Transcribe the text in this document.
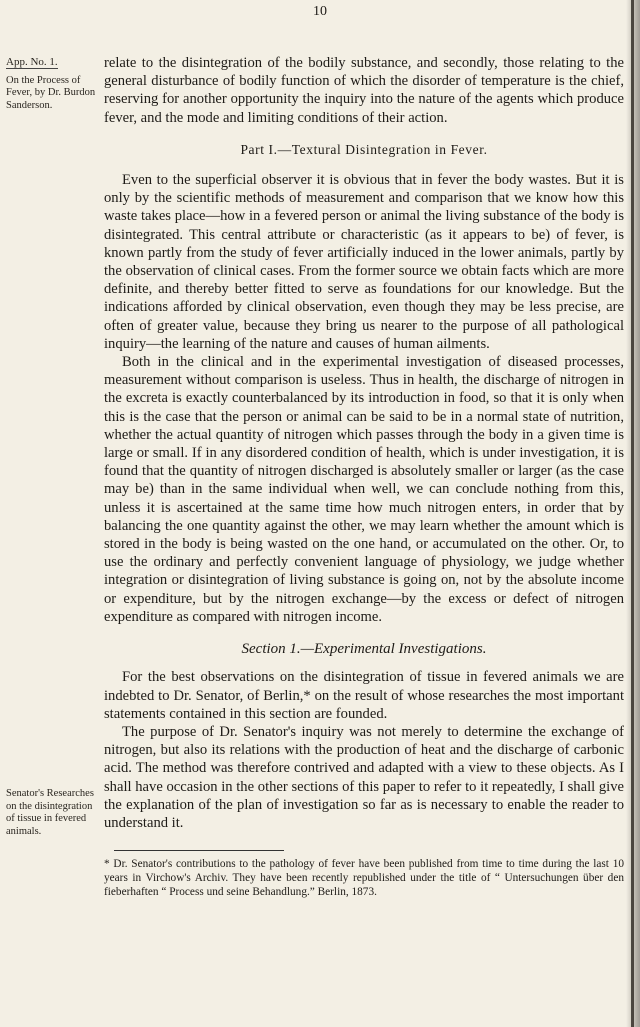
10
App. No. 1.
On the Process of Fever, by Dr. Burdon Sanderson.
Senator's Researches on the disintegration of tissue in fevered animals.

relate to the disintegration of the bodily substance, and secondly, those relating to the general disturbance of bodily function of which the disorder of temperature is the chief, reserving for another opportunity the inquiry into the nature of the agents which produce fever, and the mode and limiting conditions of their action.

Part I.—Textural Disintegration in Fever.

Even to the superficial observer it is obvious that in fever the body wastes. But it is only by the scientific methods of measurement and comparison that we know how this waste takes place—how in a fevered person or animal the living substance of the body is disintegrated. This central attribute or characteristic (as it appears to be) of fever, is known partly from the study of fever artificially induced in the lower animals, partly by the observation of clinical cases. From the former source we obtain facts which are more definite, and thereby better fitted to serve as foundations for our knowledge. But the indications afforded by clinical observation, even though they may be less precise, are often of greater value, because they bring us nearer to the purpose of all pathological inquiry—the learning of the nature and causes of human ailments.

Both in the clinical and in the experimental investigation of diseased processes, measurement without comparison is useless. Thus in health, the discharge of nitrogen in the excreta is exactly counterbalanced by its introduction in food, so that it is only when this is the case that the person or animal can be said to be in a normal state of nutrition, whether the actual quantity of nitrogen which passes through the body in a given time is large or small. If in any disordered condition of health, which is under investigation, it is found that the quantity of nitrogen discharged is absolutely smaller or larger (as the case may be) than in the same individual when well, we can conclude nothing from this, unless it is ascertained at the same time how much nitrogen enters, in order that by balancing the one quantity against the other, we may learn whether the amount which is stored in the body is being wasted on the one hand, or accumulated on the other. Or, to use the ordinary and perfectly convenient language of physiology, we judge whether integration or disintegration of living substance is going on, not by the absolute income or expenditure, but by the nitrogen exchange—by the excess or defect of nitrogen expenditure as compared with nitrogen income.

Section 1.—Experimental Investigations.

For the best observations on the disintegration of tissue in fevered animals we are indebted to Dr. Senator, of Berlin,* on the result of whose researches the most important statements contained in this section are founded.

The purpose of Dr. Senator's inquiry was not merely to determine the exchange of nitrogen, but also its relations with the production of heat and the discharge of carbonic acid. The method was therefore contrived and adapted with a view to these objects. As I shall have occasion in the other sections of this paper to refer to it repeatedly, I shall give the explanation of the plan of investigation so far as is necessary to enable the reader to understand it.

* Dr. Senator's contributions to the pathology of fever have been published from time to time during the last 10 years in Virchow's Archiv. They have been recently republished under the title of “ Untersuchungen über den fieberhaften “ Process und seine Behandlung.” Berlin, 1873.
